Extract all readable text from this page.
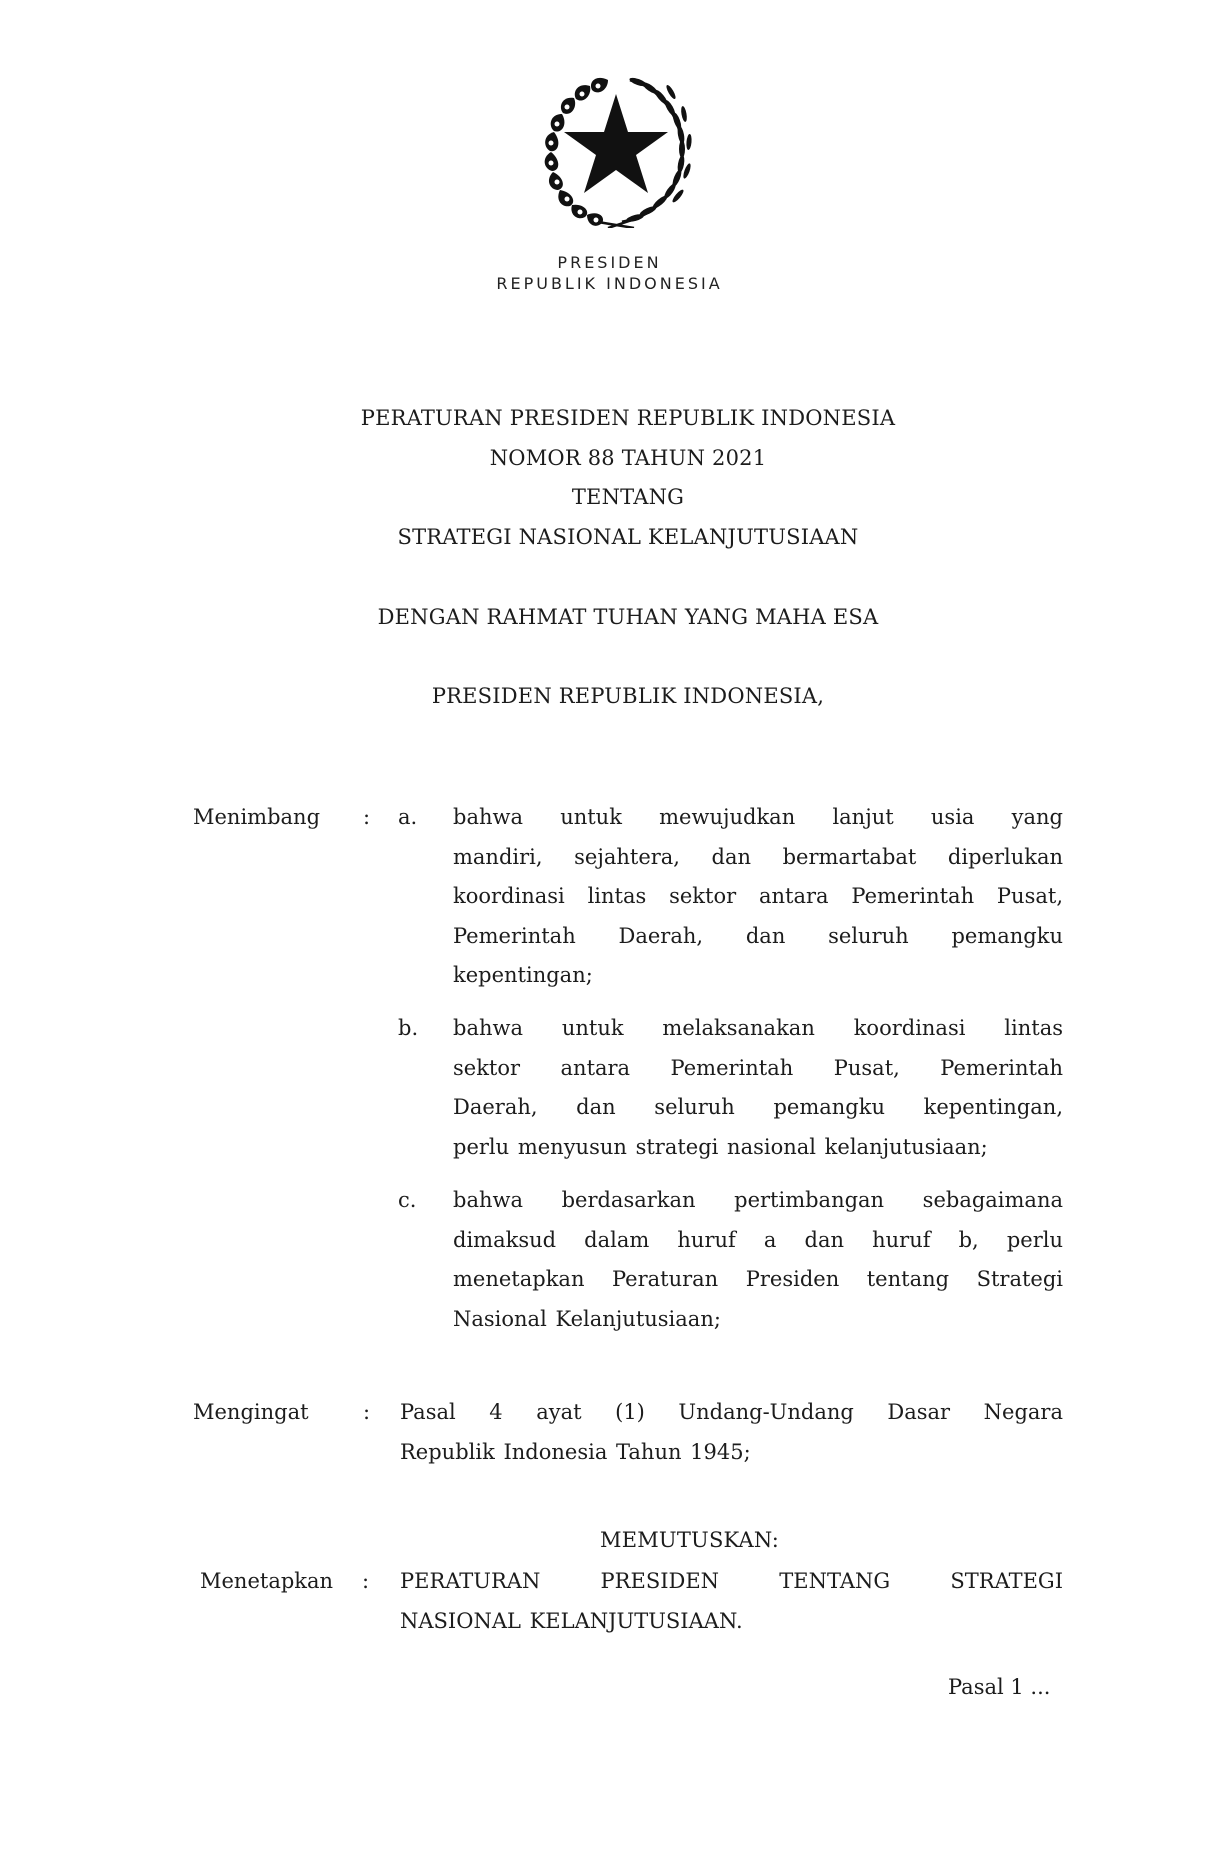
PRESIDEN
REPUBLIK INDONESIA
PERATURAN PRESIDEN REPUBLIK INDONESIA
NOMOR 88 TAHUN 2021
TENTANG
STRATEGI NASIONAL KELANJUTUSIAAN
DENGAN RAHMAT TUHAN YANG MAHA ESA
PRESIDEN REPUBLIK INDONESIA,
Menimbang : a. bahwa untuk mewujudkan lanjut usia yang
mandiri, sejahtera, dan bermartabat diperlukan
koordinasi lintas sektor antara Pemerintah Pusat,
Pemerintah Daerah, dan seluruh pemangku
kepentingan;
b. bahwa untuk melaksanakan koordinasi lintas
sektor antara Pemerintah Pusat, Pemerintah
Daerah, dan seluruh pemangku kepentingan,
perlu menyusun strategi nasional kelanjutusiaan;
c. bahwa berdasarkan pertimbangan sebagaimana
dimaksud dalam huruf a dan huruf b, perlu
menetapkan Peraturan Presiden tentang Strategi
Nasional Kelanjutusiaan;
Mengingat	: Pasal 4 ayat (1) Undang-Undang Dasar Negara
Republik Indonesia Tahun 1945;
MEMUTUSKAN:
Menetapkan : PERATURAN PRESIDEN TENTANG STRATEGI
NASIONAL KELANJUTUSIAAN.
Pasal 1 ...
